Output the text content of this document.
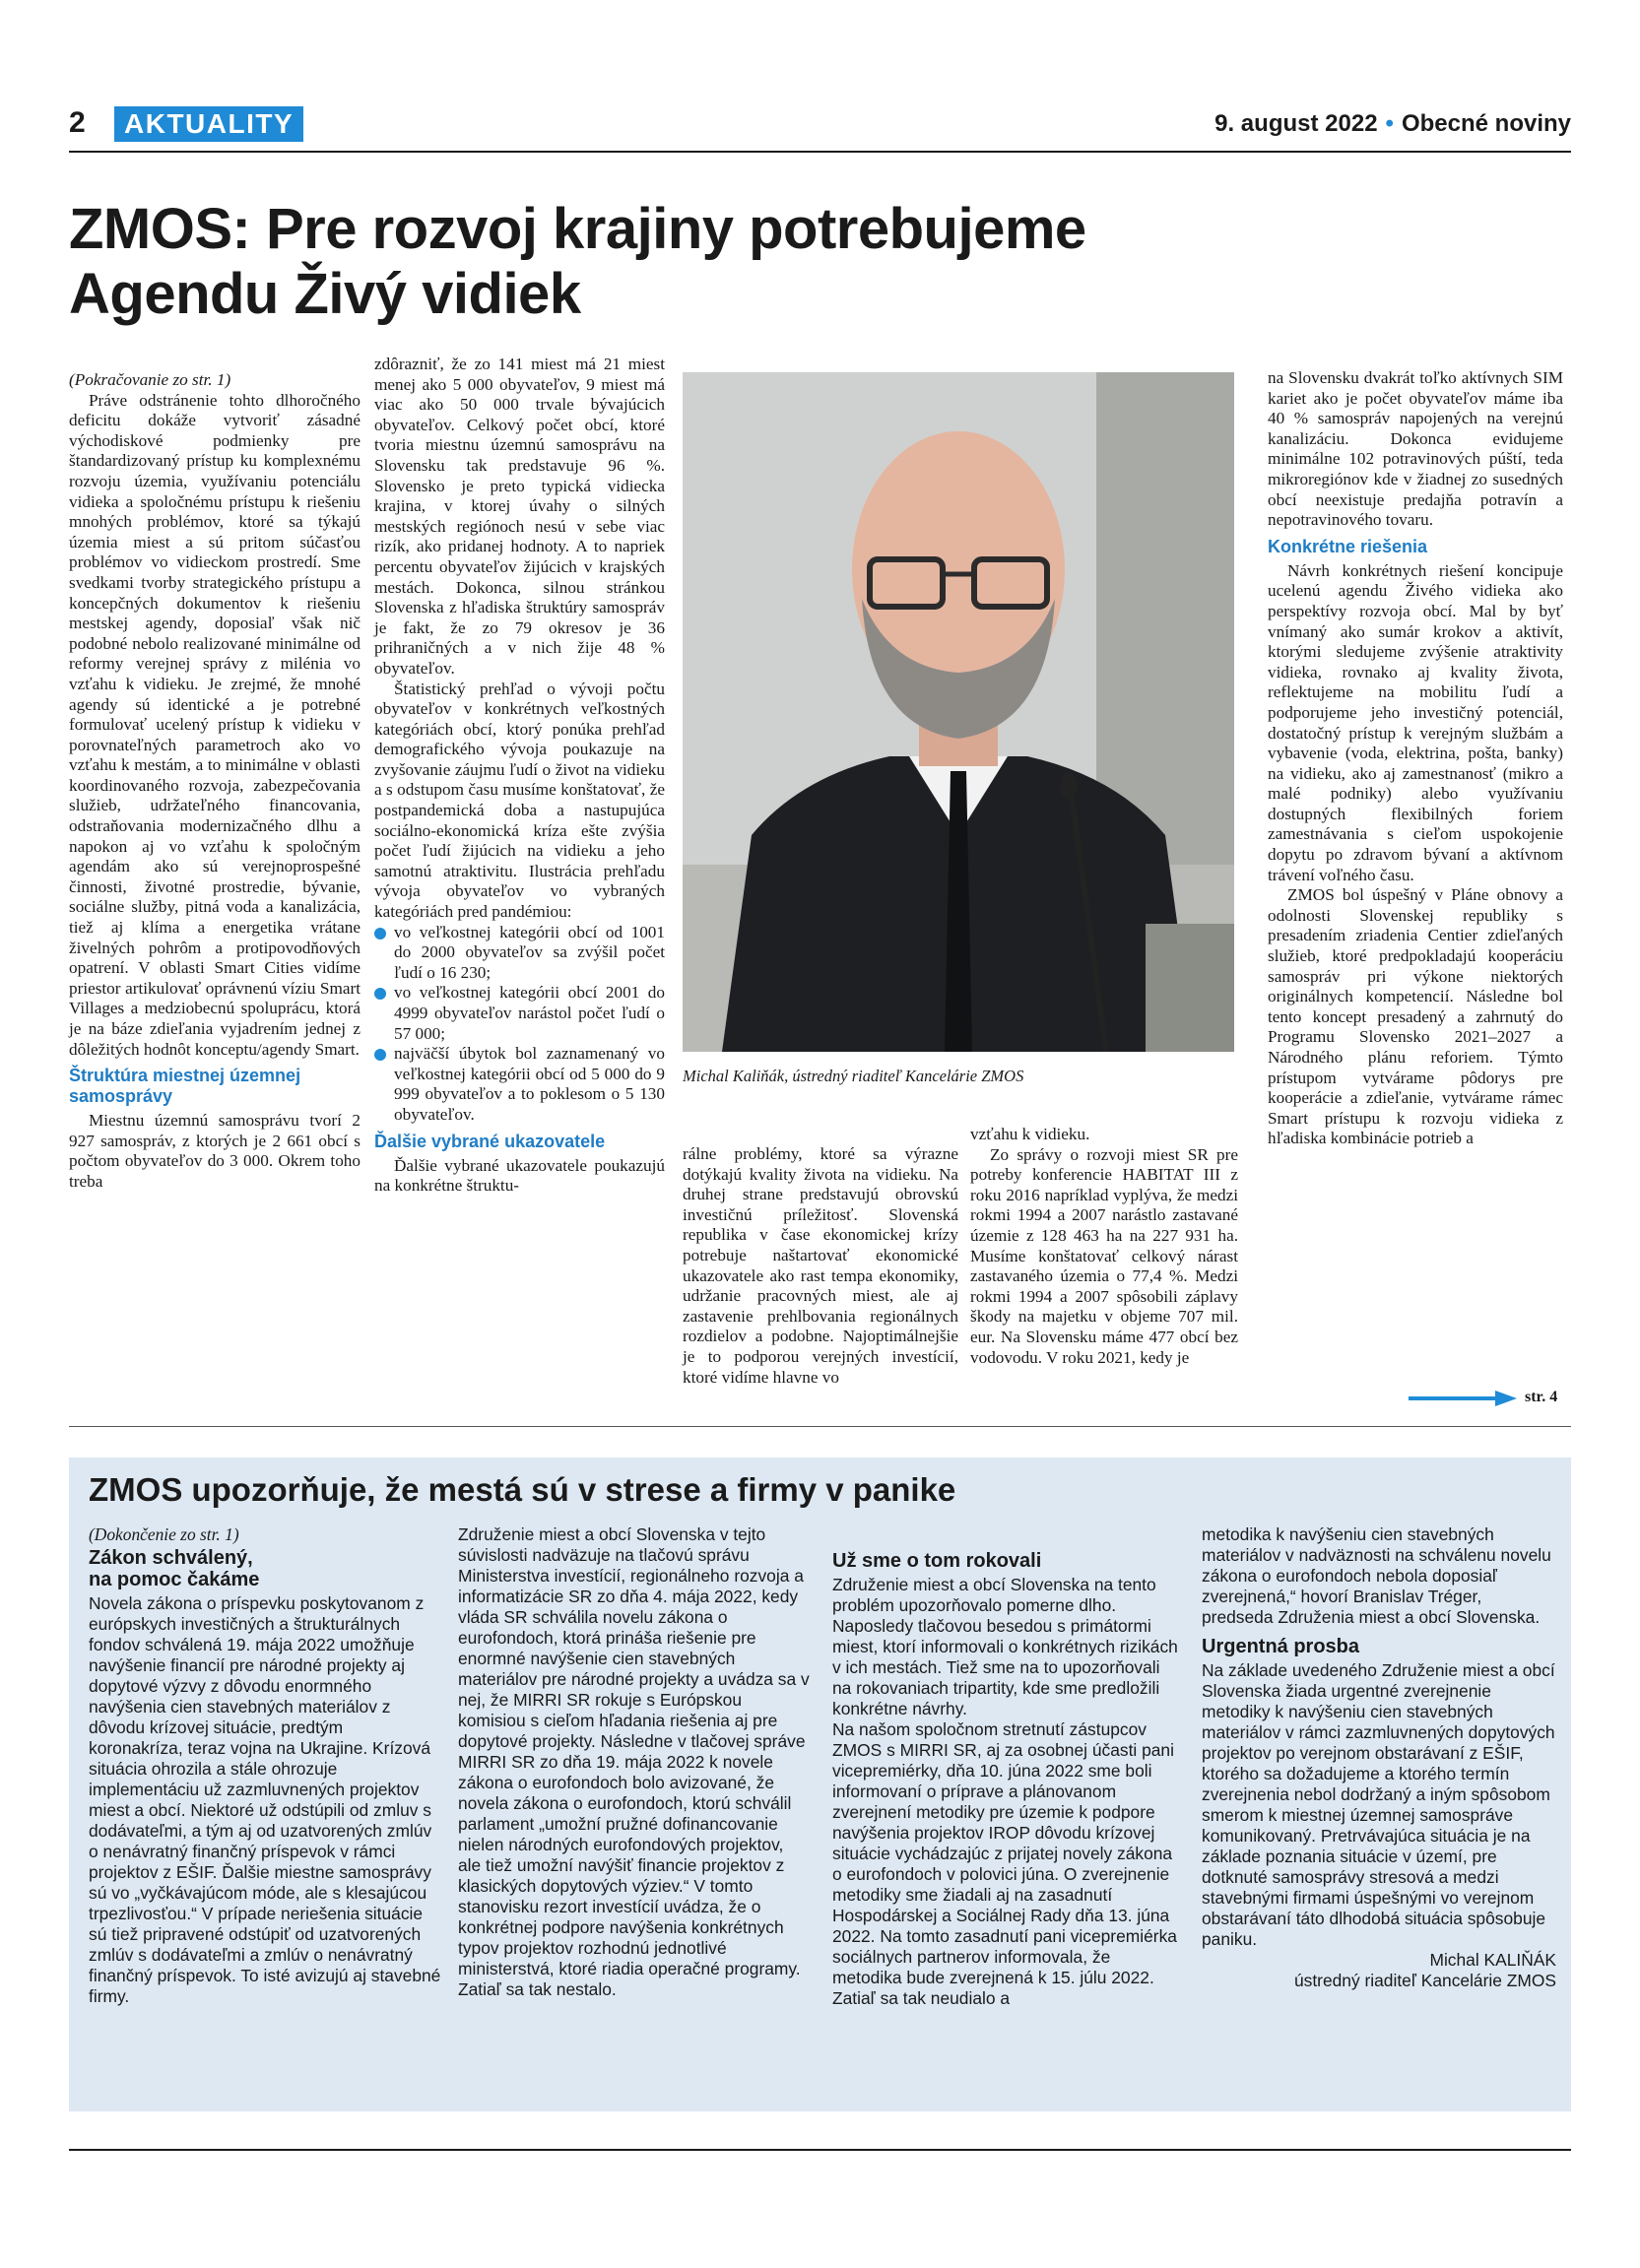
2	AKTUALITY	9. august 2022 • Obecné noviny
ZMOS: Pre rozvoj krajiny potrebujeme
Agendu Živý vidiek

(Pokračovanie zo str. 1)

Práve odstránenie tohto dlhoročného deficitu dokáže vytvoriť zásadné východiskové podmienky pre štandardizovaný prístup ku komplexnému rozvoju územia, využívaniu potenciálu vidieka a spoločnému prístupu k riešeniu mnohých problémov, ktoré sa týkajú územia miest a sú pritom súčasťou problémov vo vidieckom prostredí. Sme svedkami tvorby strategického prístupu a koncepčných dokumentov k riešeniu mestskej agendy, doposiaľ však nič podobné nebolo realizované minimálne od reformy verejnej správy z milénia vo vzťahu k vidieku. Je zrejmé, že mnohé agendy sú identické a je potrebné formulovať ucelený prístup k vidieku v porovnateľných parametroch ako vo vzťahu k mestám, a to minimálne v oblasti koordinovaného rozvoja, zabezpečovania služieb, udržateľného financovania, odstraňovania modernizačného dlhu a napokon aj vo vzťahu k spoločným agendám ako sú verejnoprospešné činnosti, životné prostredie, bývanie, sociálne služby, pitná voda a kanalizácia, tiež aj klíma a energetika vrátane živelných pohrôm a protipovodňových opatrení. V oblasti Smart Cities vidíme priestor artikulovať oprávnenú víziu Smart Villages a medziobecnú spoluprácu, ktorá je na báze zdieľania vyjadrením jednej z dôležitých hodnôt konceptu/agendy Smart.

Štruktúra miestnej územnej samosprávy

Miestnu územnú samosprávu tvorí 2 927 samospráv, z ktorých je 2 661 obcí s počtom obyvateľov do 3 000. Okrem toho treba

zdôrazniť, že zo 141 miest má 21 miest menej ako 5 000 obyvateľov, 9 miest má viac ako 50 000 trvale bývajúcich obyvateľov. Celkový počet obcí, ktoré tvoria miestnu územnú samosprávu na Slovensku tak predstavuje 96 %. Slovensko je preto typická vidiecka krajina, v ktorej úvahy o silných mestských regiónoch nesú v sebe viac rizík, ako pridanej hodnoty. A to napriek percentu obyvateľov žijúcich v krajských mestách. Dokonca, silnou stránkou Slovenska z hľadiska štruktúry samospráv je fakt, že zo 79 okresov je 36 prihraničných a v nich žije 48 % obyvateľov.

Štatistický prehľad o vývoji počtu obyvateľov v konkrétnych veľkostných kategóriách obcí, ktorý ponúka prehľad demografického vývoja poukazuje na zvyšovanie záujmu ľudí o život na vidieku a s odstupom času musíme konštatovať, že postpandemická doba a nastupujúca sociálno-ekonomická kríza ešte zvýšia počet ľudí žijúcich na vidieku a jeho samotnú atraktivitu. Ilustrácia prehľadu vývoja obyvateľov vo vybraných kategóriách pred pandémiou:

vo veľkostnej kategórii obcí od 1001 do 2000 obyvateľov sa zvýšil počet ľudí o 16 230;
vo veľkostnej kategórii obcí 2001 do 4999 obyvateľov narástol počet ľudí o 57 000;
najväčší úbytok bol zaznamenaný vo veľkostnej kategórii obcí od 5 000 do 9 999 obyvateľov a to poklesom o 5 130 obyvateľov.
Ďalšie vybrané ukazovatele

Ďalšie vybrané ukazovatele poukazujú na konkrétne štruktu-

Michal Kaliňák, ústredný riaditeľ Kancelárie ZMOS

rálne problémy, ktoré sa výrazne dotýkajú kvality života na vidieku. Na druhej strane predstavujú obrovskú investičnú príležitosť. Slovenská republika v čase ekonomickej krízy potrebuje naštartovať ekonomické ukazovatele ako rast tempa ekonomiky, udržanie pracovných miest, ale aj zastavenie prehlbovania regionálnych rozdielov a podobne. Najoptimálnejšie je to podporou verejných investícií, ktoré vidíme hlavne vo

vzťahu k vidieku.

Zo správy o rozvoji miest SR pre potreby konferencie HABITAT III z roku 2016 napríklad vyplýva, že medzi rokmi 1994 a 2007 narástlo zastavané územie z 128 463 ha na 227 931 ha. Musíme konštatovať celkový nárast zastavaného územia o 77,4 %. Medzi rokmi 1994 a 2007 spôsobili záplavy škody na majetku v objeme 707 mil. eur. Na Slovensku máme 477 obcí bez vodovodu. V roku 2021, kedy je

na Slovensku dvakrát toľko aktívnych SIM kariet ako je počet obyvateľov máme iba 40 % samospráv napojených na verejnú kanalizáciu. Dokonca evidujeme minimálne 102 potravinových púští, teda mikroregiónov kde v žiadnej zo susedných obcí neexistuje predajňa potravín a nepotravinového tovaru.

Konkrétne riešenia

Návrh konkrétnych riešení koncipuje ucelenú agendu Živého vidieka ako perspektívy rozvoja obcí. Mal by byť vnímaný ako sumár krokov a aktivít, ktorými sledujeme zvýšenie atraktivity vidieka, rovnako aj kvality života, reflektujeme na mobilitu ľudí a podporujeme jeho investičný potenciál, dostatočný prístup k verejným službám a vybavenie (voda, elektrina, pošta, banky) na vidieku, ako aj zamestnanosť (mikro a malé podniky) alebo využívaniu dostupných flexibilných foriem zamestnávania s cieľom uspokojenie dopytu po zdravom bývaní a aktívnom trávení voľného času.

ZMOS bol úspešný v Pláne obnovy a odolnosti Slovenskej republiky s presadením zriadenia Centier zdieľaných služieb, ktoré predpokladajú kooperáciu samospráv pri výkone niektorých originálnych kompetencií. Následne bol tento koncept presadený a zahrnutý do Programu Slovensko 2021–2027 a Národného plánu reforiem. Týmto prístupom vytvárame pôdorys pre kooperácie a zdieľanie, vytvárame rámec Smart prístupu k rozvoju vidieka z hľadiska kombinácie potrieb a

str. 4
ZMOS upozorňuje, že mestá sú v strese a firmy v panike

(Dokončenie zo str. 1)

Zákon schválený,
na pomoc čakáme

Novela zákona o príspevku poskytovanom z európskych investičných a štrukturálnych fondov schválená 19. mája 2022 umožňuje navýšenie financií pre národné projekty aj dopytové výzvy z dôvodu enormného navýšenia cien stavebných materiálov z dôvodu krízovej situácie, predtým koronakríza, teraz vojna na Ukrajine. Krízová situácia ohrozila a stále ohrozuje implementáciu už zazmluvnených projektov miest a obcí. Niektoré už odstúpili od zmluv s dodávateľmi, a tým aj od uzatvorených zmlúv o nenávratný finančný príspevok v rámci projektov z EŠIF. Ďalšie miestne samosprávy sú vo „vyčkávajúcom móde, ale s klesajúcou trpezlivosťou.“ V prípade neriešenia situácie sú tiež pripravené odstúpiť od uzatvorených zmlúv s dodávateľmi a zmlúv o nenávratný finančný príspevok. To isté avizujú aj stavebné firmy.

Združenie miest a obcí Slovenska v tejto súvislosti nadväzuje na tlačovú správu Ministerstva investícií, regionálneho rozvoja a informatizácie SR zo dňa 4. mája 2022, kedy vláda SR schválila novelu zákona o eurofondoch, ktorá prináša riešenie pre enormné navýšenie cien stavebných materiálov pre národné projekty a uvádza sa v nej, že MIRRI SR rokuje s Európskou komisiou s cieľom hľadania riešenia aj pre dopytové projekty. Následne v tlačovej správe MIRRI SR zo dňa 19. mája 2022 k novele zákona o eurofondoch bolo avizované, že novela zákona o eurofondoch, ktorú schválil parlament „umožní pružné dofinancovanie nielen národných eurofondových projektov, ale tiež umožní navýšiť financie projektov z klasických dopytových výziev.“ V tomto stanovisku rezort investícií uvádza, že o konkrétnej podpore navýšenia konkrétnych typov projektov rozhodnú jednotlivé ministerstvá, ktoré riadia operačné programy. Zatiaľ sa tak nestalo.

Už sme o tom rokovali

Združenie miest a obcí Slovenska na tento problém upozorňovalo pomerne dlho. Naposledy tlačovou besedou s primátormi miest, ktorí informovali o konkrétnych rizikách v ich mestách. Tiež sme na to upozorňovali na rokovaniach tripartity, kde sme predložili konkrétne návrhy.

Na našom spoločnom stretnutí zástupcov ZMOS s MIRRI SR, aj za osobnej účasti pani vicepremiérky, dňa 10. júna 2022 sme boli informovaní o príprave a plánovanom zverejnení metodiky pre územie k podpore navýšenia projektov IROP dôvodu krízovej situácie vychádzajúc z prijatej novely zákona o eurofondoch v polovici júna. O zverejnenie metodiky sme žiadali aj na zasadnutí Hospodárskej a Sociálnej Rady dňa 13. júna 2022. Na tomto zasadnutí pani vicepremiérka sociálnych partnerov informovala, že metodika bude zverejnená k 15. júlu 2022. Zatiaľ sa tak neudialo a

metodika k navýšeniu cien stavebných materiálov v nadväznosti na schválenu novelu zákona o eurofondoch nebola doposiaľ zverejnená,“ hovorí Branislav Tréger, predseda Združenia miest a obcí Slovenska.

Urgentná prosba

Na základe uvedeného Združenie miest a obcí Slovenska žiada urgentné zverejnenie metodiky k navýšeniu cien stavebných materiálov v rámci zazmluvnených dopytových projektov po verejnom obstarávaní z EŠIF, ktorého sa dožadujeme a ktorého termín zverejnenia nebol dodržaný a iným spôsobom smerom k miestnej územnej samospráve komunikovaný. Pretrvávajúca situácia je na základe poznania situácie v území, pre dotknuté samosprávy stresová a medzi stavebnými firmami úspešnými vo verejnom obstarávaní táto dlhodobá situácia spôsobuje paniku.

Michal KALIŇÁK

ústredný riaditeľ Kancelárie ZMOS
